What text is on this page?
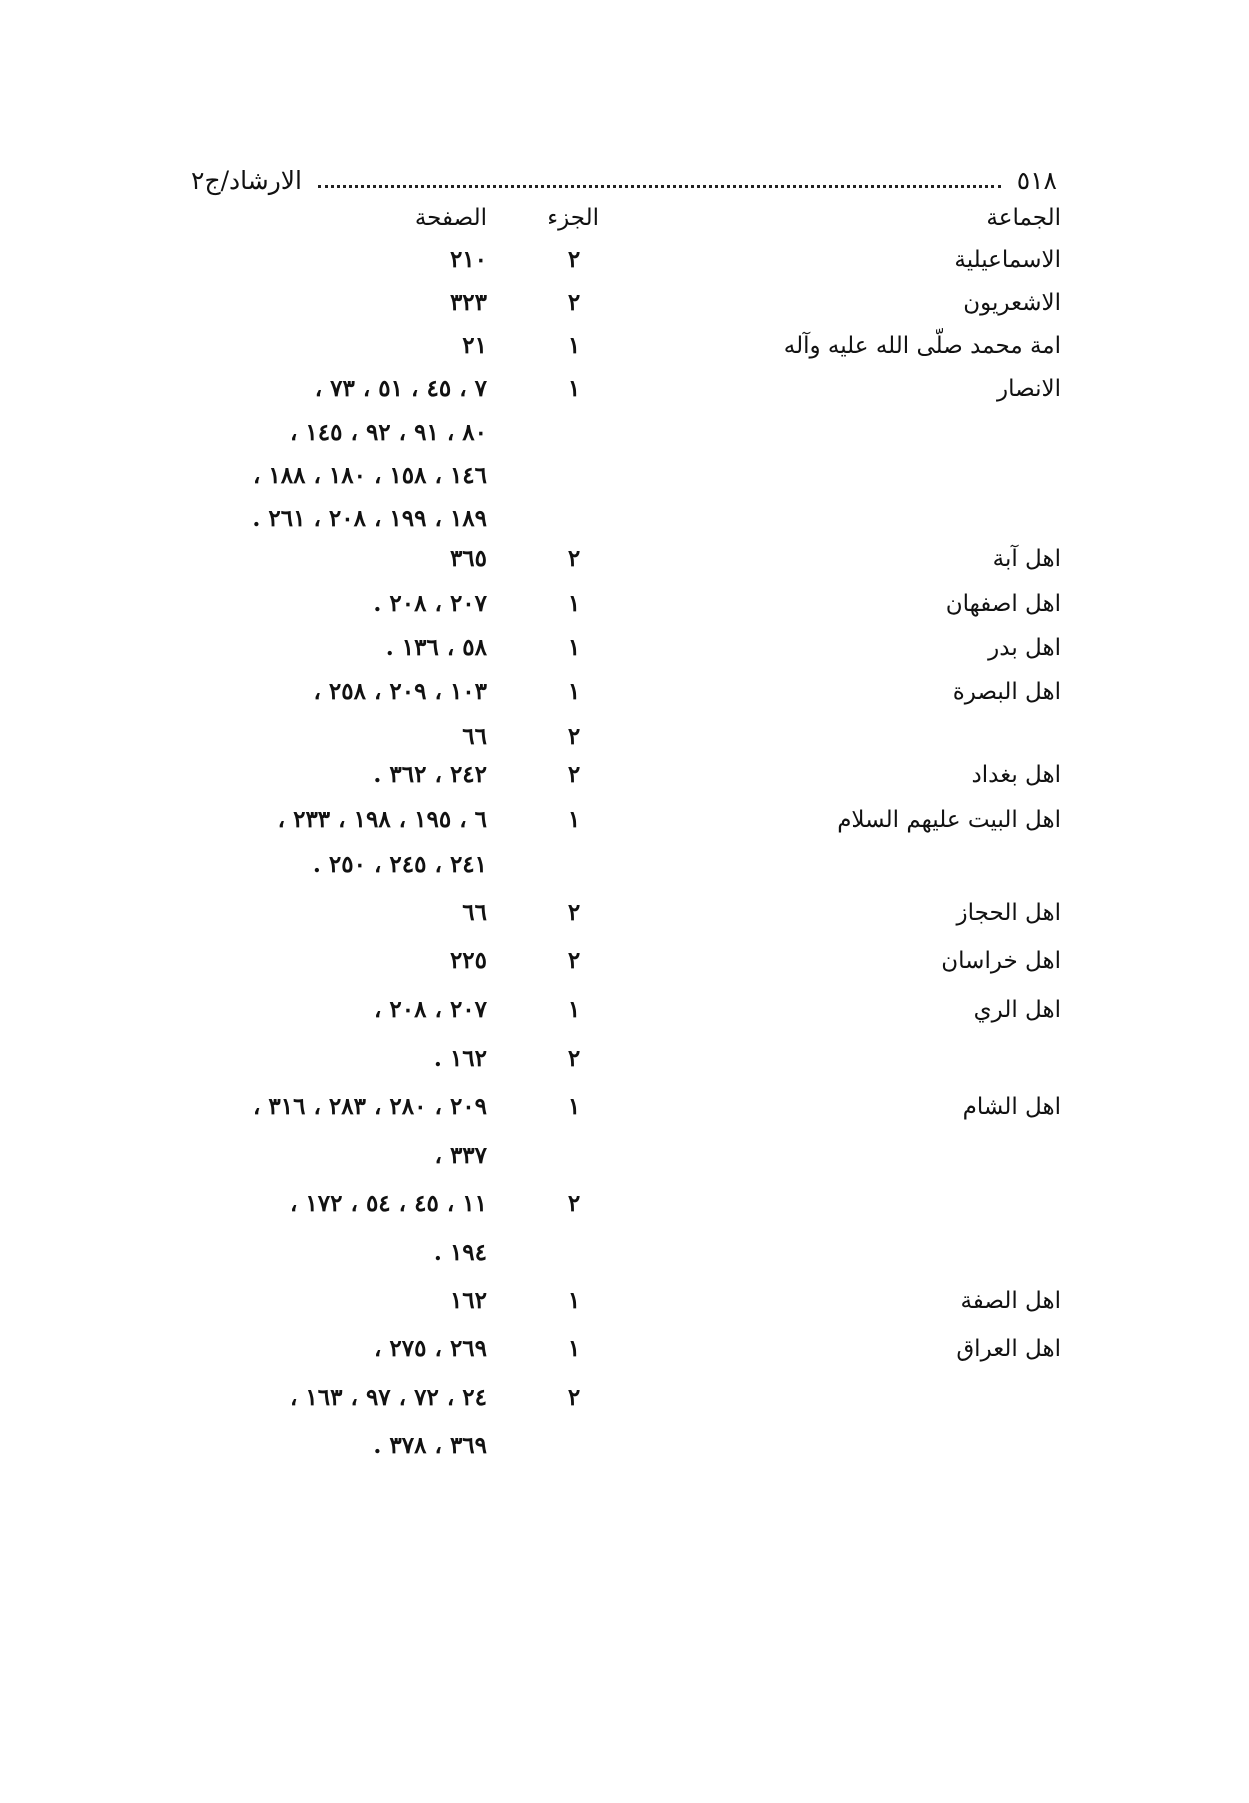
٥١٨
الارشاد/ج٢
الجماعة
الجزء
الصفحة
الاسماعيلية
٢
٢١٠
الاشعريون
٢
٣٢٣
امة محمد صلّى الله عليه وآله
١
٢١
الانصار
١
٧ ، ٤٥ ، ٥١ ، ٧٣ ،
٨٠ ، ٩١ ، ٩٢ ، ١٤٥ ،
١٤٦ ، ١٥٨ ، ١٨٠ ، ١٨٨ ،
١٨٩ ، ١٩٩ ، ٢٠٨ ، ٢٦١ .
اهل آبة
٢
٣٦٥
اهل اصفهان
١
٢٠٧ ، ٢٠٨ .
اهل بدر
١
٥٨ ، ١٣٦ .
اهل البصرة
١
١٠٣ ، ٢٠٩ ، ٢٥٨ ،
٢
٦٦
اهل بغداد
٢
٢٤٢ ، ٣٦٢ .
اهل البيت عليهم السلام
١
٦ ، ١٩٥ ، ١٩٨ ، ٢٣٣ ،
٢٤١ ، ٢٤٥ ، ٢٥٠ .
اهل الحجاز
٢
٦٦
اهل خراسان
٢
٢٢٥
اهل الري
١
٢٠٧ ، ٢٠٨ ،
٢
١٦٢ .
اهل الشام
١
٢٠٩ ، ٢٨٠ ، ٢٨٣ ، ٣١٦ ،
٣٣٧ ،
٢
١١ ، ٤٥ ، ٥٤ ، ١٧٢ ،
١٩٤ .
اهل الصفة
١
١٦٢
اهل العراق
١
٢٦٩ ، ٢٧٥ ،
٢
٢٤ ، ٧٢ ، ٩٧ ، ١٦٣ ،
٣٦٩ ، ٣٧٨ .
